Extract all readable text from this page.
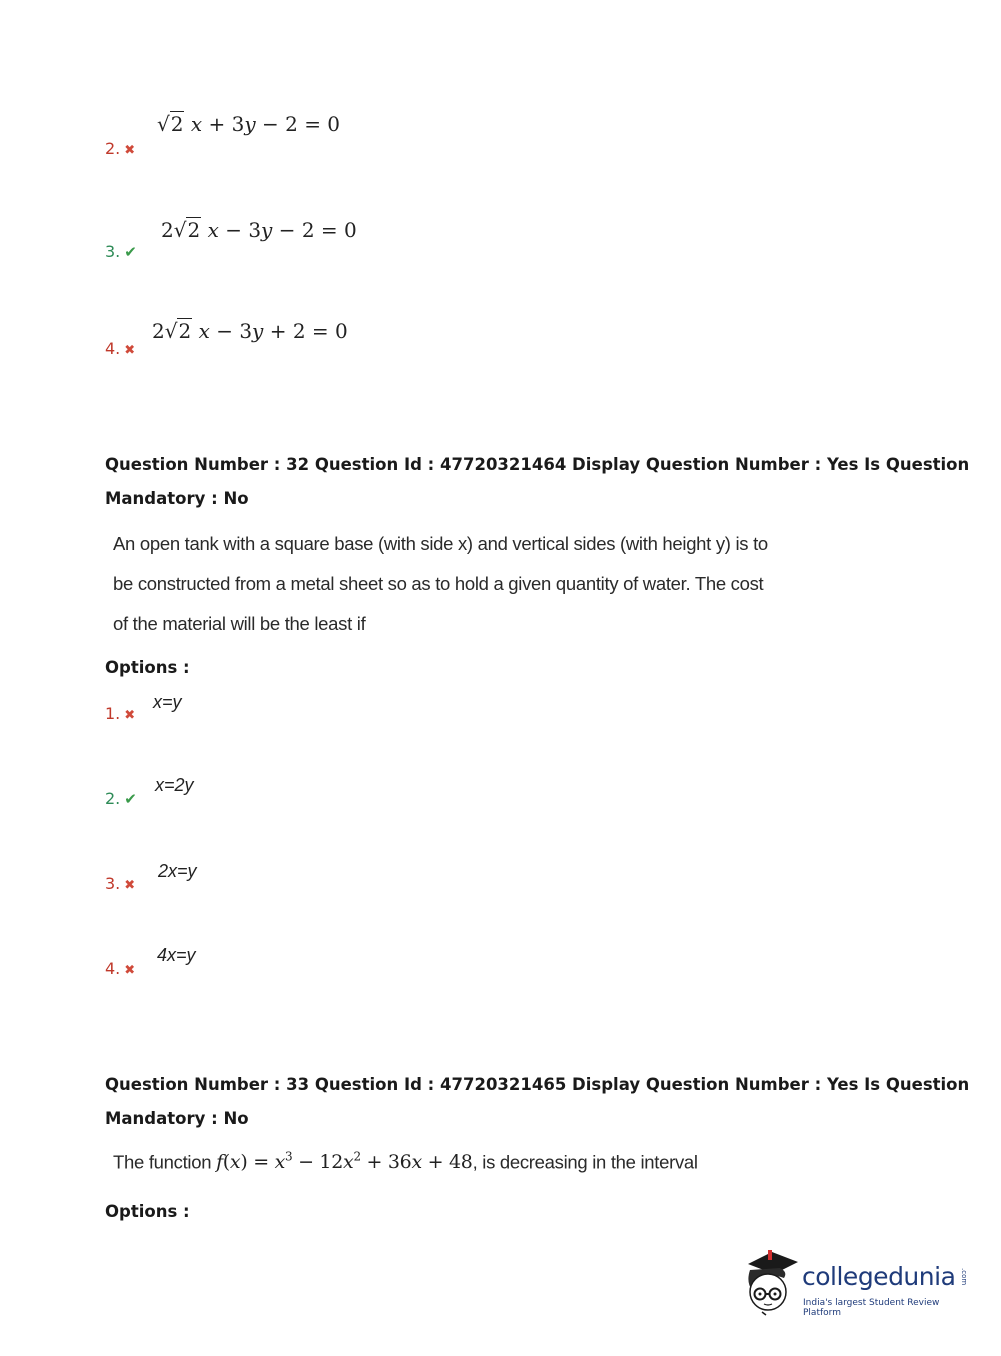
√2 x + 3y − 2 = 0
2. ✖
2√2 x − 3y − 2 = 0
3. ✔
2√2 x − 3y + 2 = 0
4. ✖
Question Number : 32 Question Id : 47720321464 Display Question Number : Yes Is Question
Mandatory : No
An open tank with a square base (with side x) and vertical sides (with height y) is to
be constructed from a metal sheet so as to hold a given quantity of water. The cost
of the material will be the least if
Options :
x=y
1. ✖
x=2y
2. ✔
2x=y
3. ✖
4x=y
4. ✖
Question Number : 33 Question Id : 47720321465 Display Question Number : Yes Is Question
Mandatory : No
The function $f(x) = x^3 - 12x^2 + 36x + 48$, is decreasing in the interval
Options :
collegedunia .com
India's largest Student Review Platform
